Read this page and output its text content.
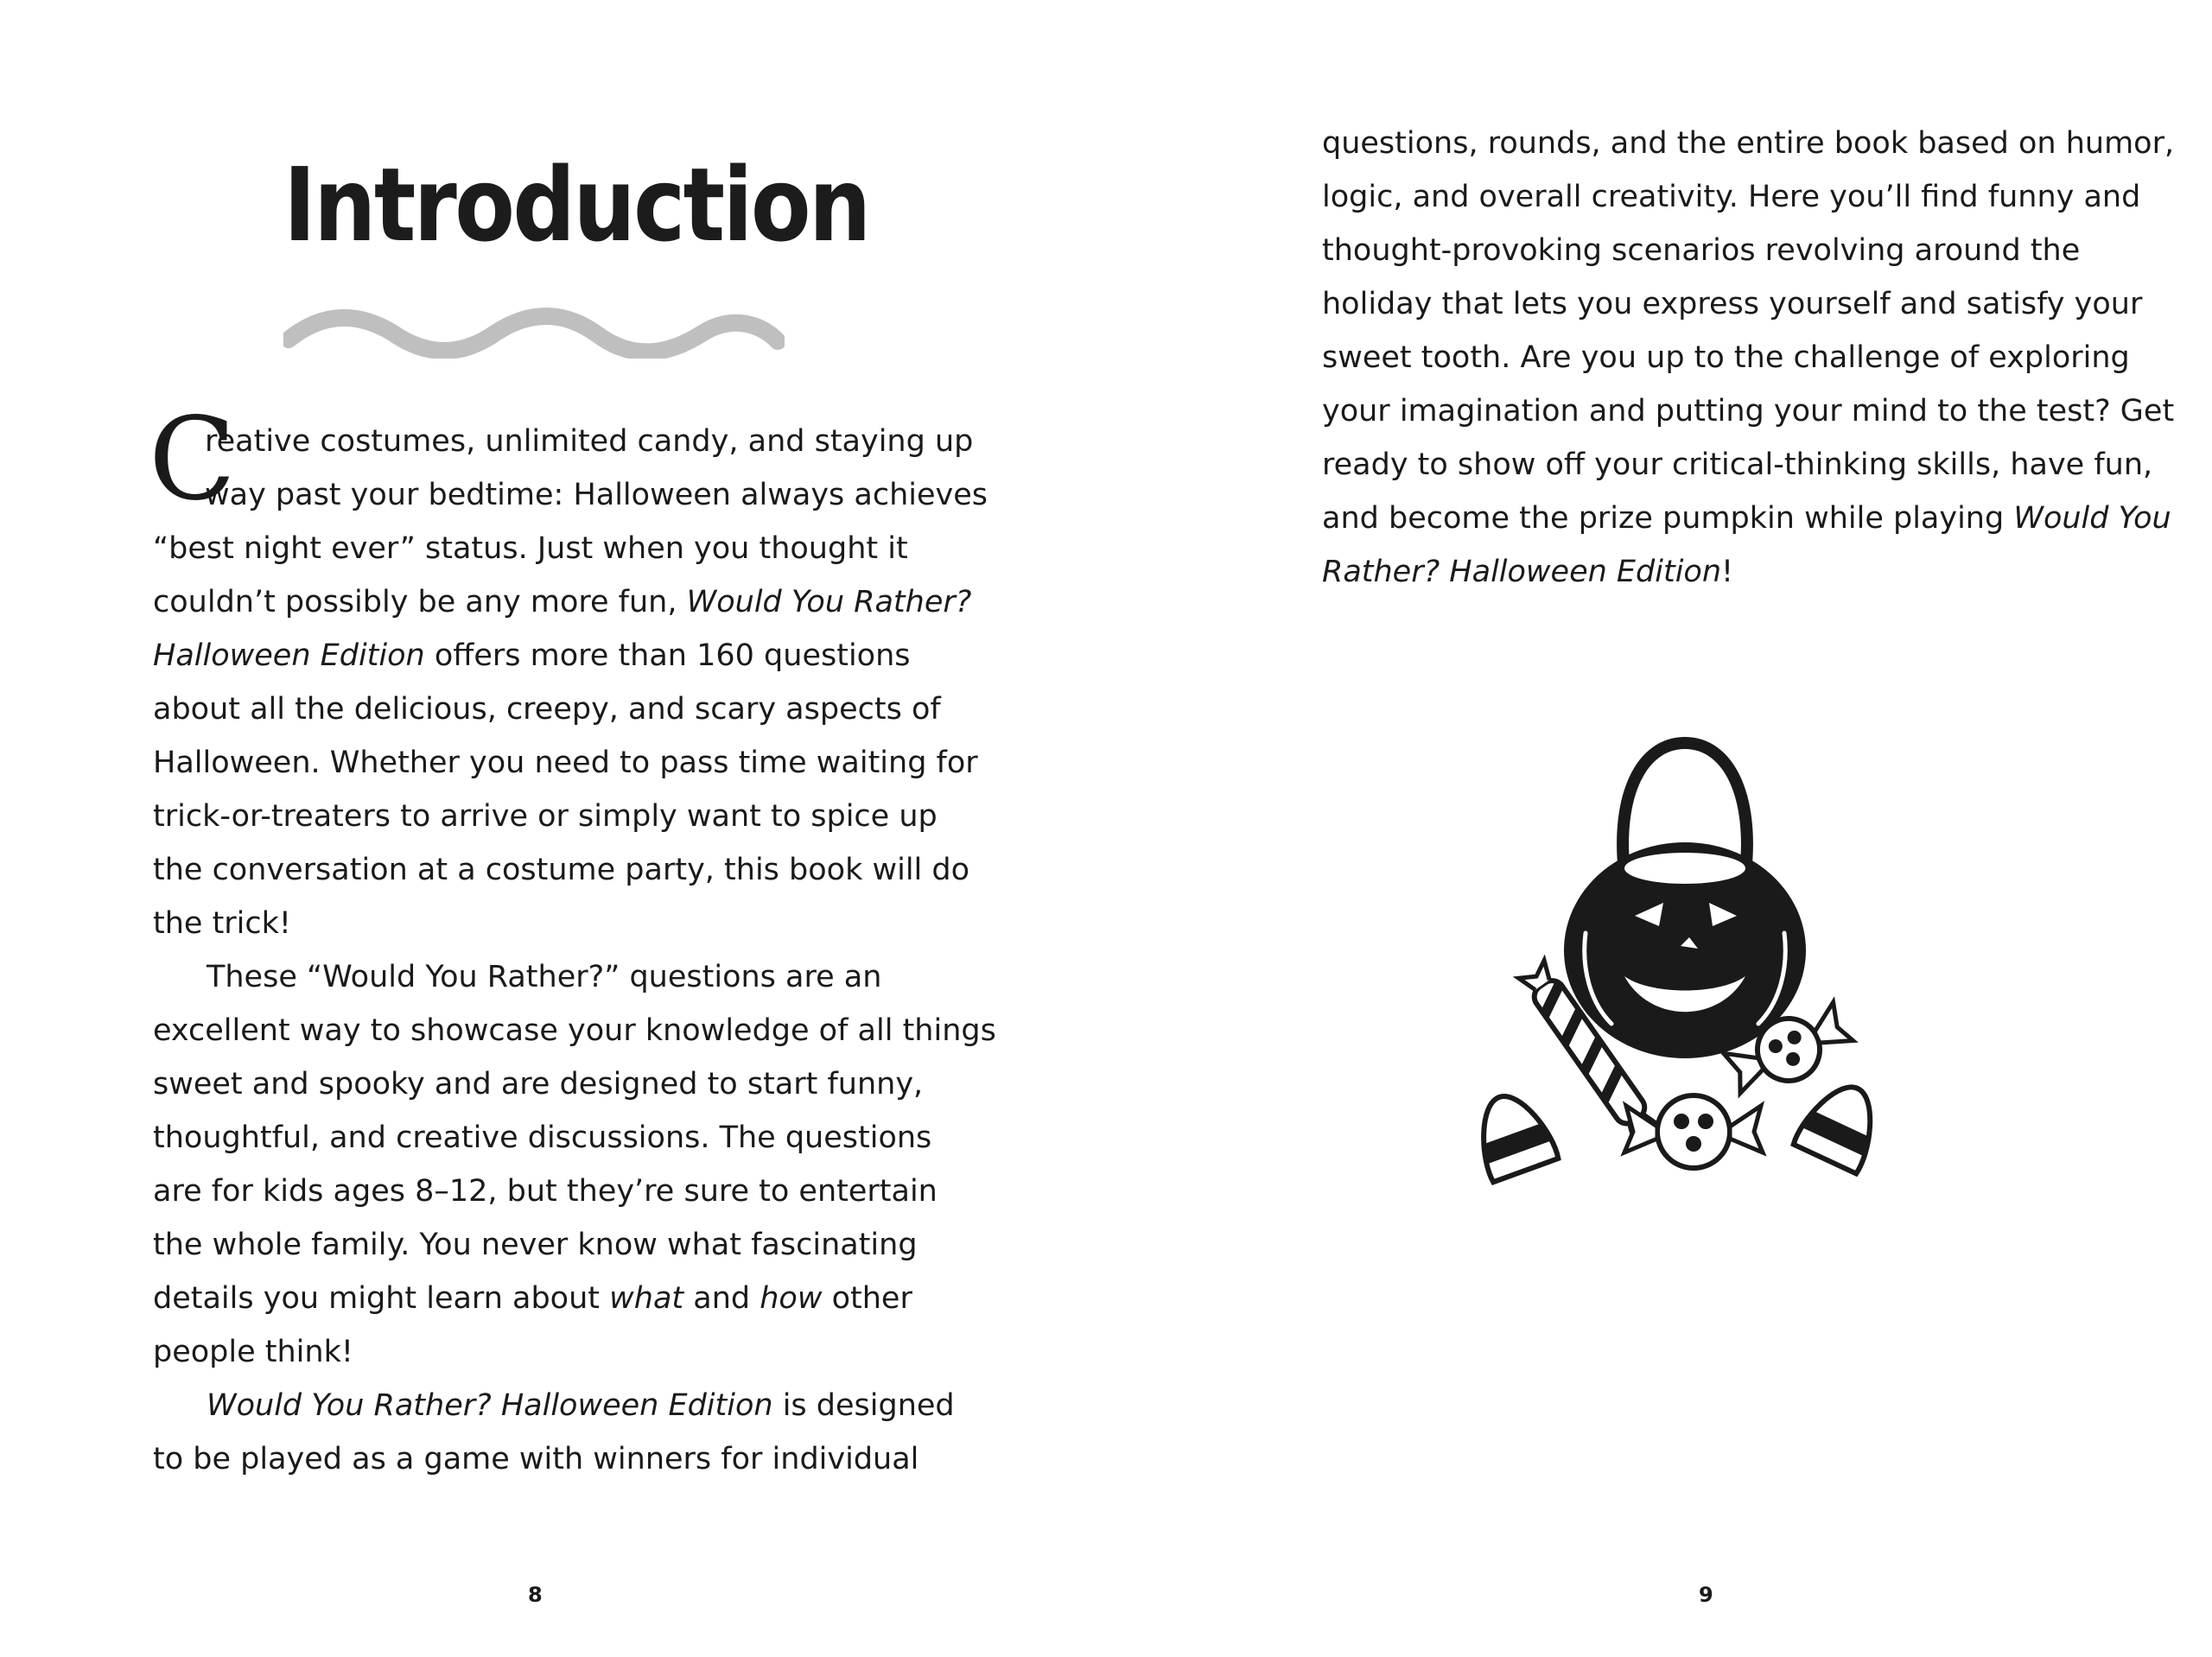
Introduction
C
reative costumes, unlimited candy, and staying up
way past your bedtime: Halloween always achieves
“best night ever” status. Just when you thought it
couldn’t possibly be any more fun, Would You Rather?
Halloween Edition offers more than 160 questions
about all the delicious, creepy, and scary aspects of
Halloween. Whether you need to pass time waiting for
trick-or-treaters to arrive or simply want to spice up
the conversation at a costume party, this book will do
the trick!
These “Would You Rather?” questions are an
excellent way to showcase your knowledge of all things
sweet and spooky and are designed to start funny,
thoughtful, and creative discussions. The questions
are for kids ages 8–12, but they’re sure to entertain
the whole family. You never know what fascinating
details you might learn about what and how other
people think!
Would You Rather? Halloween Edition is designed
to be played as a game with winners for individual
8
questions, rounds, and the entire book based on humor,
logic, and overall creativity. Here you’ll find funny and
thought-provoking scenarios revolving around the
holiday that lets you express yourself and satisfy your
sweet tooth. Are you up to the challenge of exploring
your imagination and putting your mind to the test? Get
ready to show off your critical-thinking skills, have fun,
and become the prize pumpkin while playing Would You
Rather? Halloween Edition!
9
